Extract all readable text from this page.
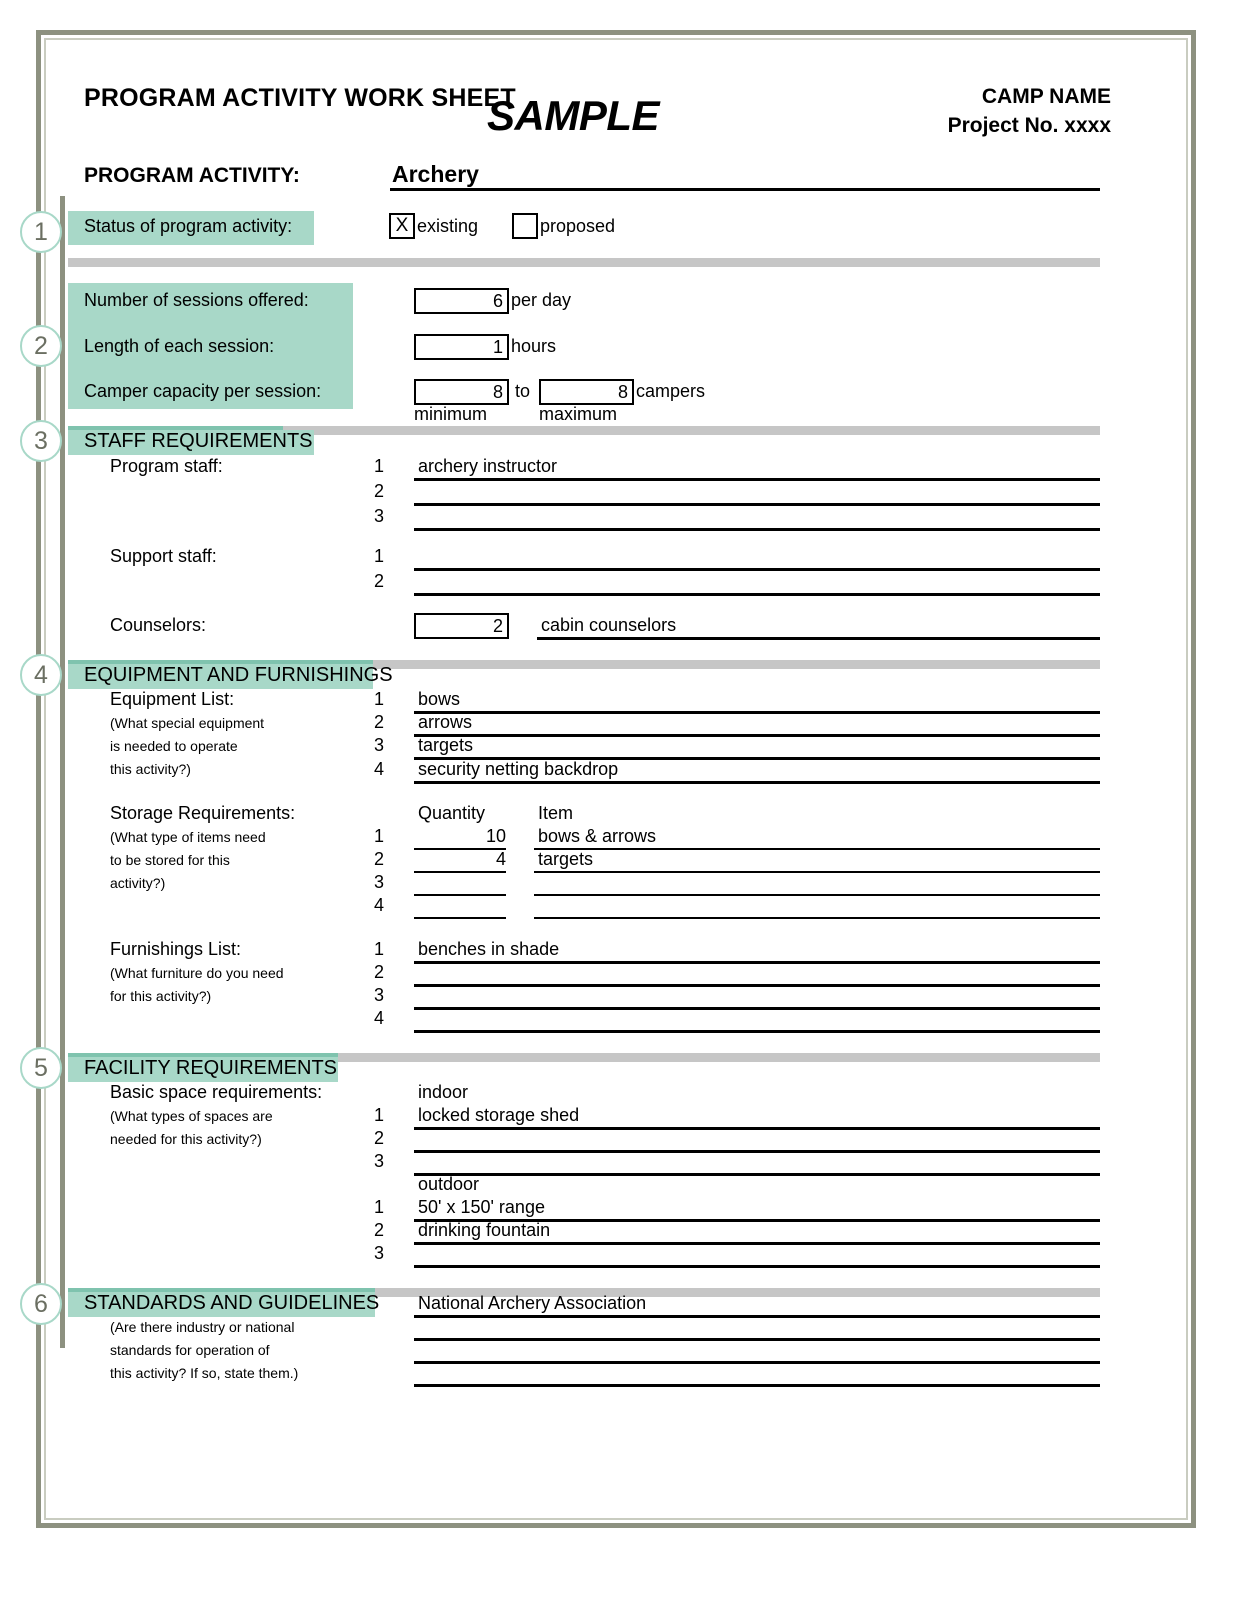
PROGRAM ACTIVITY WORK SHEET
SAMPLE	CAMP NAME
Project No. xxxx
PROGRAM ACTIVITY:	Archery
1
2
3
4
5
6
Status of program activity:	X existing	proposed
Number of sessions offered:	6 per day
Length of each session:	1 hours
Camper capacity per session:	8 to	8 campers
minimum	maximum
STAFF REQUIREMENTS
Program staff:	1 archery instructor
2
3
Support staff:	1
2
Counselors:	2	cabin counselors
EQUIPMENT AND FURNISHINGS
Equipment List:
(What special equipment
is needed to operate
this activity?)
1 bows
2 arrows
3 targets
4 security netting backdrop
Storage Requirements:
(What type of items need
to be stored for this
activity?)
Quantity	Item
1	10 bows & arrows
2	4 targets
3
4
Furnishings List:
(What furniture do you need
for this activity?)
1 benches in shade
2
3
4
FACILITY REQUIREMENTS
Basic space requirements:
(What types of spaces are
needed for this activity?)
indoor
1 locked storage shed
2
3
outdoor
1 50' x 150' range
2 drinking fountain
3
STANDARDS AND GUIDELINES
(Are there industry or national
standards for operation of
this activity? If so, state them.)
National Archery Association
